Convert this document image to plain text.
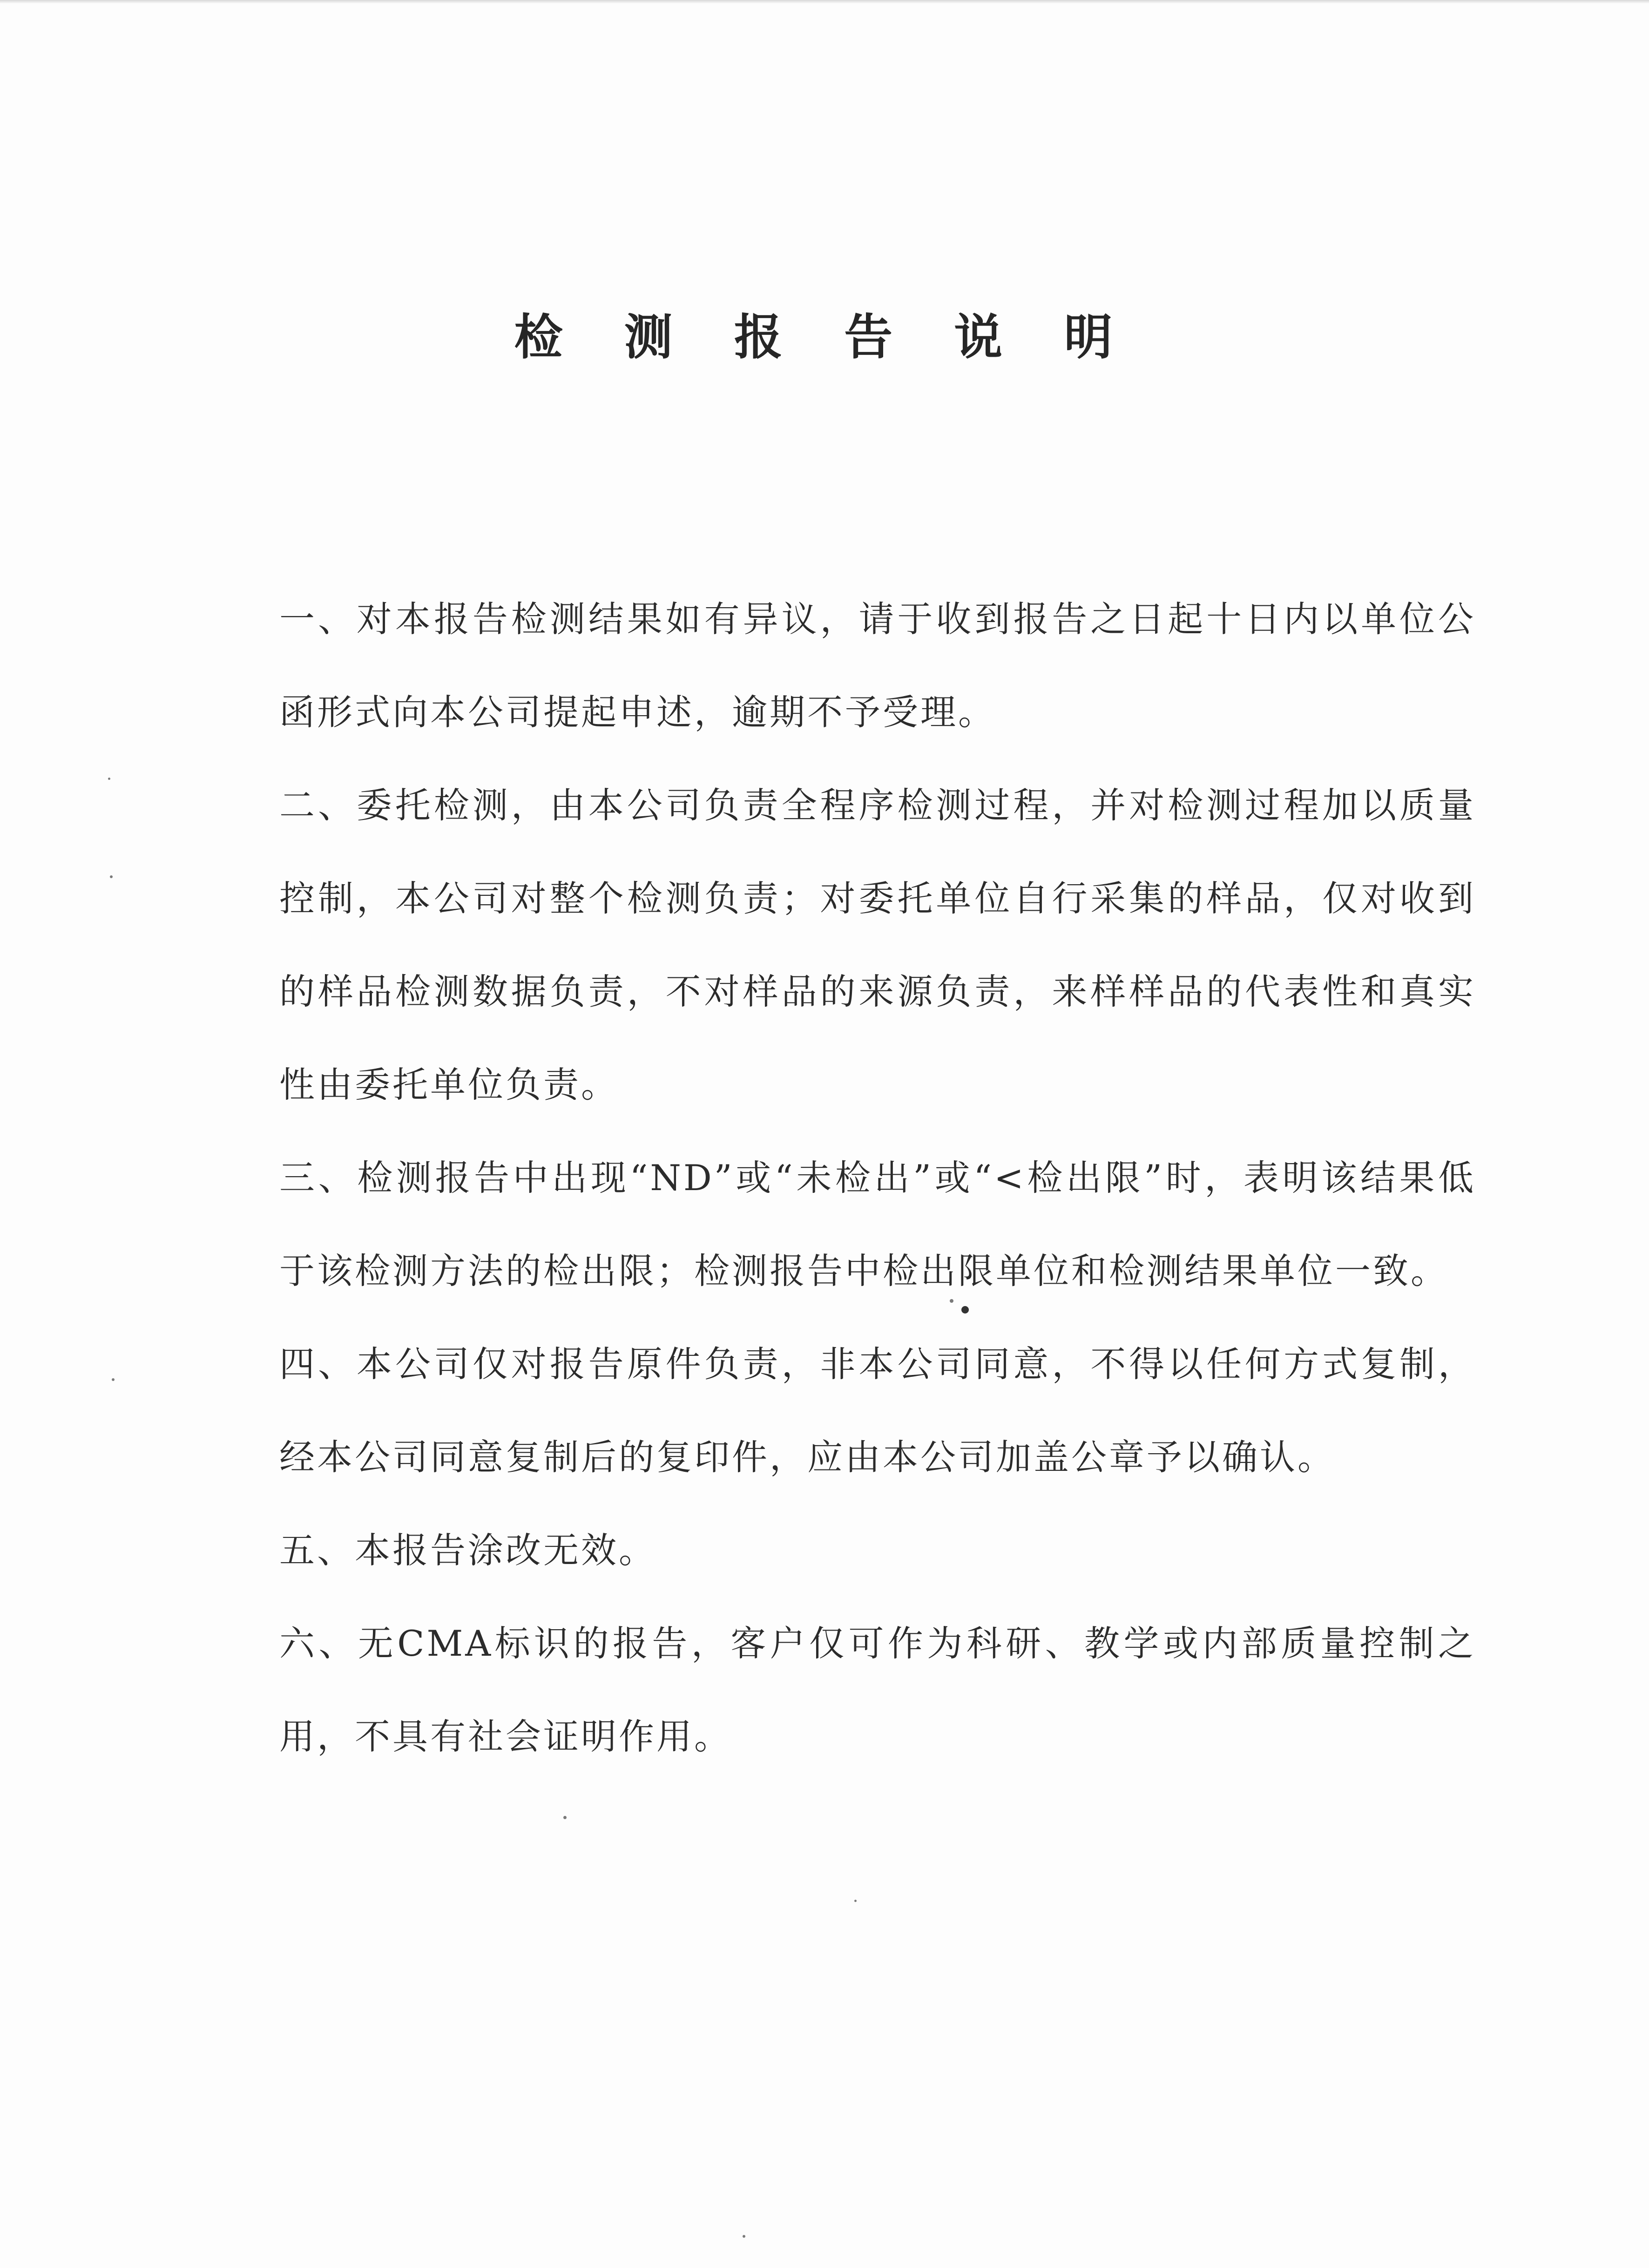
检 测 报 告 说 明

一、对本报告检测结果如有异议，请于收到报告之日起十日内以单位公函形式向本公司提起申述，逾期不予受理。

二、委托检测，由本公司负责全程序检测过程，并对检测过程加以质量控制，本公司对整个检测负责；对委托单位自行采集的样品，仅对收到的样品检测数据负责，不对样品的来源负责，来样样品的代表性和真实性由委托单位负责。

三、检测报告中出现“ND”或“未检出”或“<检出限”时，表明该结果低于该检测方法的检出限；检测报告中检出限单位和检测结果单位一致。

四、本公司仅对报告原件负责，非本公司同意，不得以任何方式复制，经本公司同意复制后的复印件，应由本公司加盖公章予以确认。

五、本报告涂改无效。

六、无CMA标识的报告，客户仅可作为科研、教学或内部质量控制之用，不具有社会证明作用。
